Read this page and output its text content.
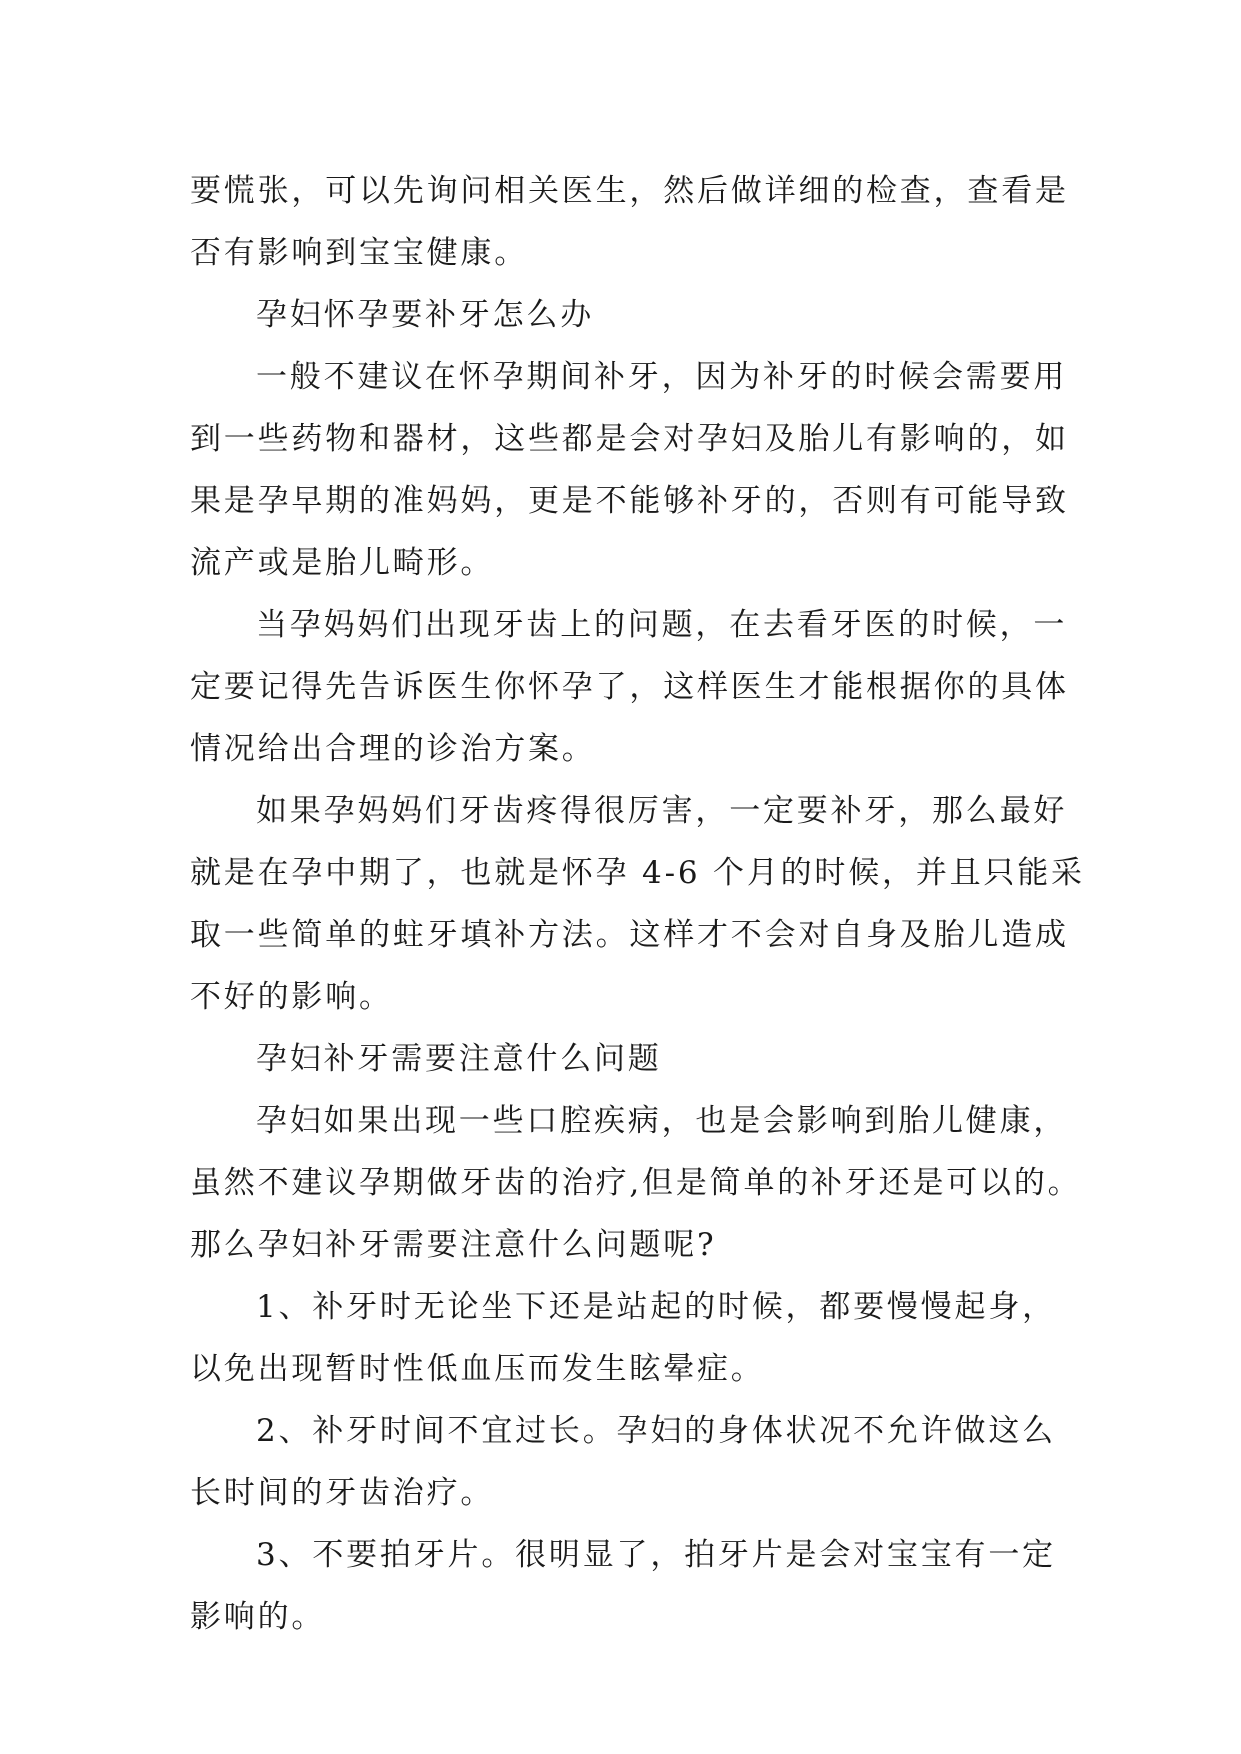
要慌张，可以先询问相关医生，然后做详细的检查，查看是
否有影响到宝宝健康。
孕妇怀孕要补牙怎么办
一般不建议在怀孕期间补牙，因为补牙的时候会需要用
到一些药物和器材，这些都是会对孕妇及胎儿有影响的，如
果是孕早期的准妈妈，更是不能够补牙的，否则有可能导致
流产或是胎儿畸形。
当孕妈妈们出现牙齿上的问题，在去看牙医的时候，一
定要记得先告诉医生你怀孕了，这样医生才能根据你的具体
情况给出合理的诊治方案。
如果孕妈妈们牙齿疼得很厉害，一定要补牙，那么最好
就是在孕中期了，也就是怀孕 4-6 个月的时候，并且只能采
取一些简单的蛀牙填补方法。这样才不会对自身及胎儿造成
不好的影响。
孕妇补牙需要注意什么问题
孕妇如果出现一些口腔疾病，也是会影响到胎儿健康，
虽然不建议孕期做牙齿的治疗,但是简单的补牙还是可以的。
那么孕妇补牙需要注意什么问题呢?
1、补牙时无论坐下还是站起的时候，都要慢慢起身，
以免出现暂时性低血压而发生眩晕症。
2、补牙时间不宜过长。孕妇的身体状况不允许做这么
长时间的牙齿治疗。
3、不要拍牙片。很明显了，拍牙片是会对宝宝有一定
影响的。
